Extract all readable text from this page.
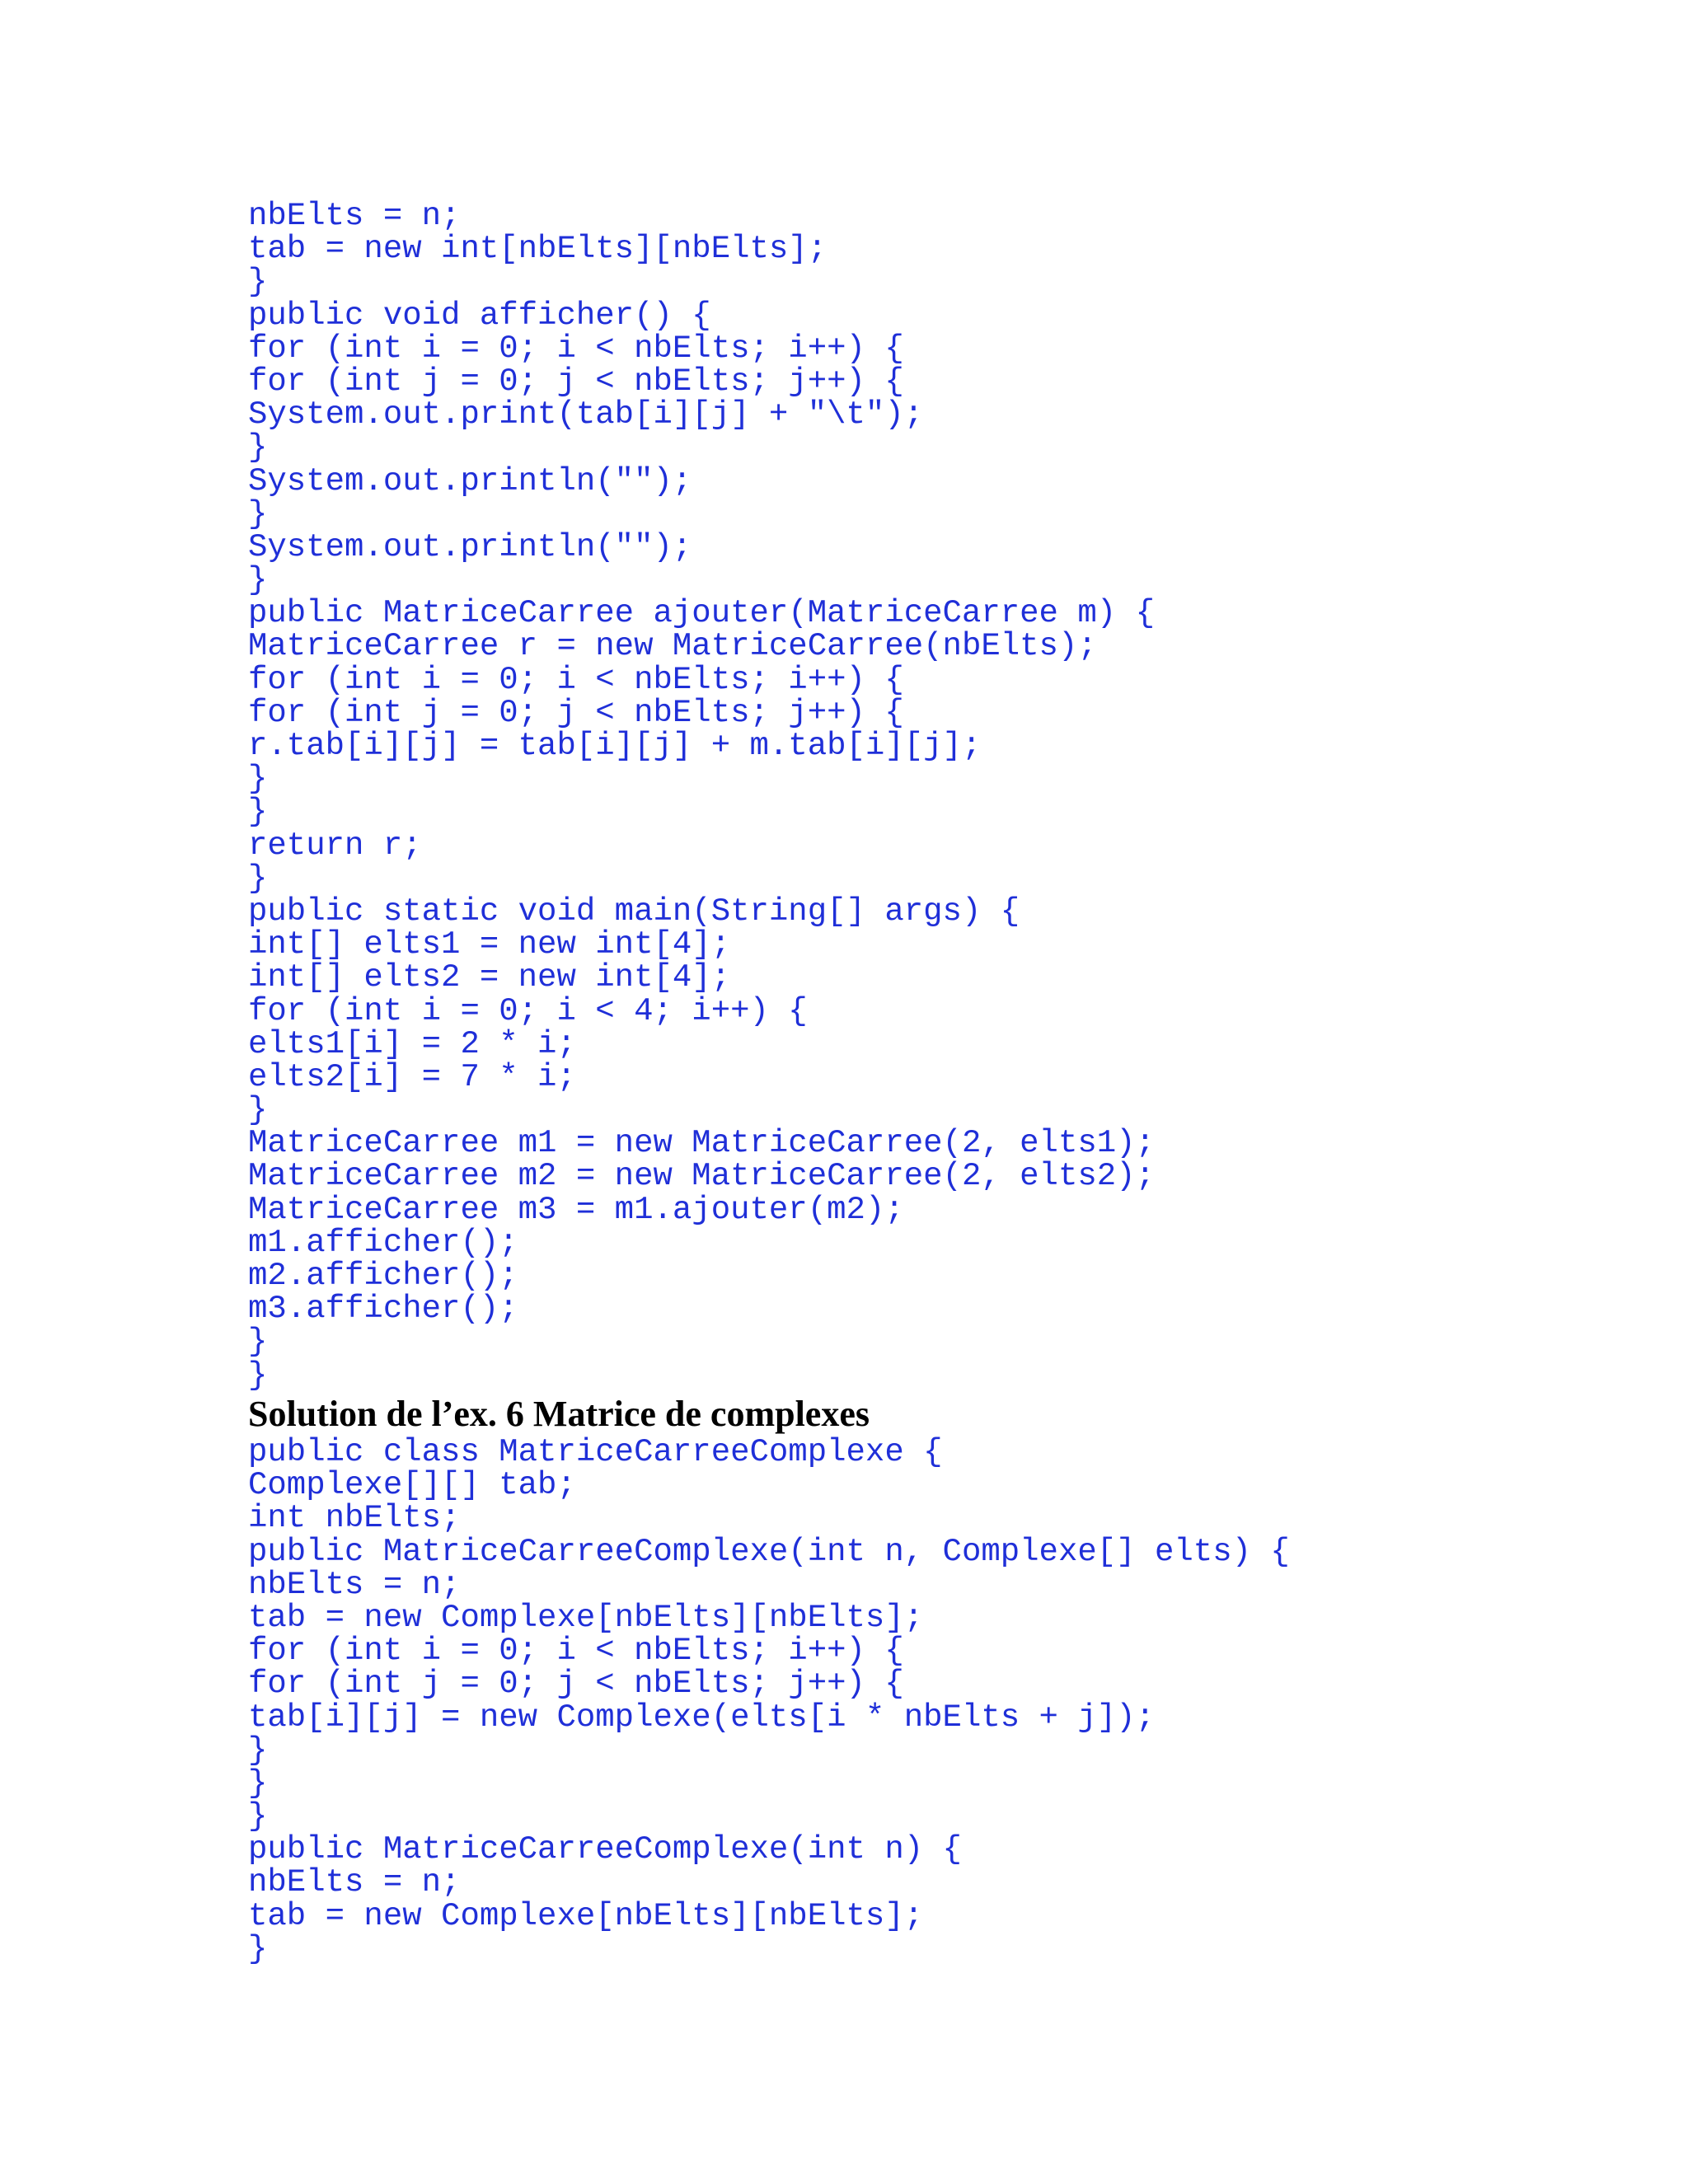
nbElts = n;
tab = new int[nbElts][nbElts];
}
public void afficher() {
for (int i = 0; i < nbElts; i++) {
for (int j = 0; j < nbElts; j++) {
System.out.print(tab[i][j] + "\t");
}
System.out.println("");
}
System.out.println("");
}
public MatriceCarree ajouter(MatriceCarree m) {
MatriceCarree r = new MatriceCarree(nbElts);
for (int i = 0; i < nbElts; i++) {
for (int j = 0; j < nbElts; j++) {
r.tab[i][j] = tab[i][j] + m.tab[i][j];
}
}
return r;
}
public static void main(String[] args) {
int[] elts1 = new int[4];
int[] elts2 = new int[4];
for (int i = 0; i < 4; i++) {
elts1[i] = 2 * i;
elts2[i] = 7 * i;
}
MatriceCarree m1 = new MatriceCarree(2, elts1);
MatriceCarree m2 = new MatriceCarree(2, elts2);
MatriceCarree m3 = m1.ajouter(m2);
m1.afficher();
m2.afficher();
m3.afficher();
}
}
Solution de l’ex. 6 Matrice de complexes
public class MatriceCarreeComplexe {
Complexe[][] tab;
int nbElts;
public MatriceCarreeComplexe(int n, Complexe[] elts) {
nbElts = n;
tab = new Complexe[nbElts][nbElts];
for (int i = 0; i < nbElts; i++) {
for (int j = 0; j < nbElts; j++) {
tab[i][j] = new Complexe(elts[i * nbElts + j]);
}
}
}
public MatriceCarreeComplexe(int n) {
nbElts = n;
tab = new Complexe[nbElts][nbElts];
}
